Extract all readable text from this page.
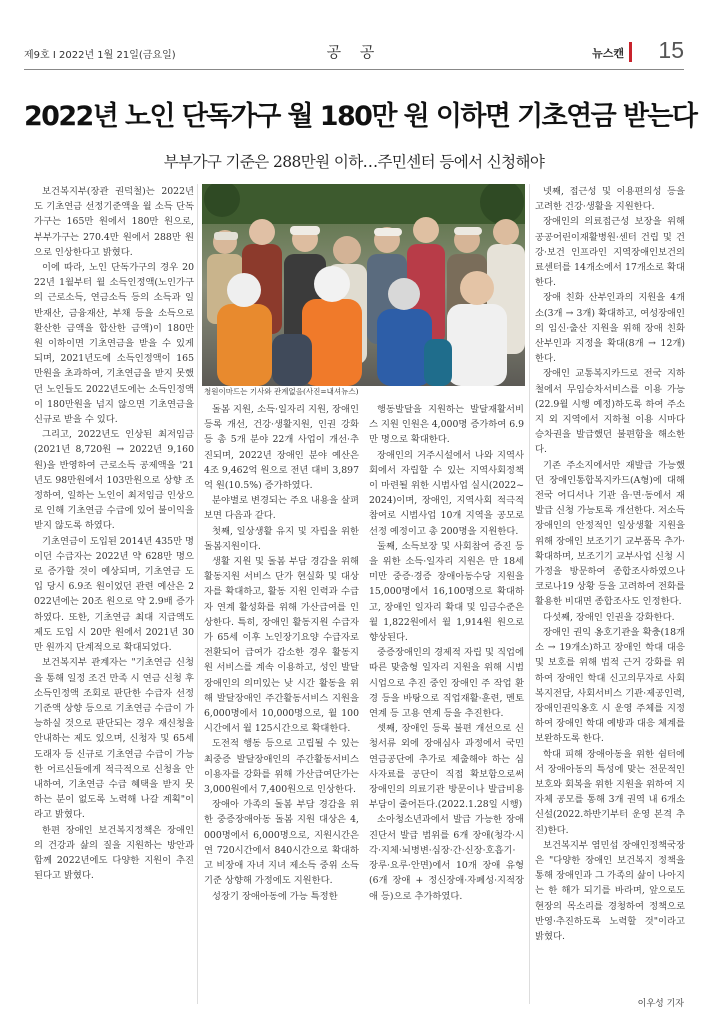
제9호 I 2022년 1월 21일(금요일)	공 공	뉴스캔 15
2022년 노인 단독가구 월 180만 원 이하면 기초연금 받는다
부부가구 기준은 288만원 이하…주민센터 등에서 신청해야

보건복지부(장관 권덕철)는 2022년도 기초연금 선정기준액을 월 소득 단독가구는 165만 원에서 180만 원으로, 부부가구는 270.4만 원에서 288만 원으로 인상한다고 밝혔다.

이에 따라, 노인 단독가구의 경우 2022년 1월부터 월 소득인정액(노인가구의 근로소득, 연금소득 등의 소득과 일반재산, 금융재산, 부채 등을 소득으로 환산한 금액을 합산한 금액)이 180만 원 이하이면 기초연금을 받을 수 있게 되며, 2021년도에 소득인정액이 165만원을 초과하여, 기초연금을 받지 못했던 노인들도 2022년도에는 소득인정액이 180만원을 넘지 않으면 기초연금을 신규로 받을 수 있다.

그리고, 2022년도 인상된 최저임금(2021년 8,720원 → 2022년 9,160원)을 반영하여 근로소득 공제액을 '21년도 98만원에서 103만원으로 상향 조정하여, 일하는 노인이 최저임금 인상으로 인해 기초연금 수급에 있어 불이익을 받지 않도록 하였다.

기초연금이 도입된 2014년 435만 명이던 수급자는 2022년 약 628만 명으로 증가할 것이 예상되며, 기초연금 도입 당시 6.9조 원이었던 관련 예산은 2022년에는 20조 원으로 약 2.9배 증가하였다. 또한, 기초연금 최대 지급액도 제도 도입 시 20만 원에서 2021년 30만 원까지 단계적으로 확대되었다.

보건복지부 관계자는 "기초연금 신청을 통해 일정 조건 만족 시 연금 신청 후 소득인정액 조회로 판단한 수급자 선정기준액 상향 등으로 기초연금 수급이 가능하실 것으로 판단되는 경우 재신청을 안내하는 제도 있으며, 신청자 및 65세 도래자 등 신규로 기초연금 수급이 가능한 어르신들에게 적극적으로 신청을 안내하여, 기초연금 수급 혜택을 받지 못하는 분이 없도록 노력해 나갈 계획"이라고 밝혔다.

한편 장애인 보건복지정책은 장애인의 건강과 삶의 질을 지원하는 방안과 함께 2022년에도 다양한 지원이 추진된다고 밝혔다.

청원이마드는 기사와 관계없음(사진=내셔뉴스)

돌봄 지원, 소득·일자리 지원, 장애인 등록 개선, 건강·생활지원, 인권 강화 등 총 5개 분야 22개 사업이 개선·추진되며, 2022년 장애인 분야 예산은 4조 9,462억 원으로 전년 대비 3,897억 원(10.5%) 증가하였다.

분야별로 변경되는 주요 내용을 살펴보면 다음과 같다.

첫째, 일상생활 유지 및 자립을 위한 돌봄지원이다.

생활 지원 및 돌봄 부담 경감을 위해 활동지원 서비스 단가 현실화 및 대상자를 확대하고, 활동 지원 인력과 수급자 연계 활성화를 위해 가산급여를 인상한다. 특히, 장애인 활동지원 수급자가 65세 이후 노인장기요양 수급자로 전환되어 급여가 감소한 경우 활동지원 서비스를 계속 이용하고, 성인 발달장애인의 의미있는 낮 시간 활동을 위해 발달장애인 주간활동서비스 지원을 6,000명에서 10,000명으로, 월 100시간에서 월 125시간으로 확대한다.

도전적 행동 등으로 고립될 수 있는 최중증 발달장애인의 주간활동서비스 이용자를 강화를 위해 가산급여단가는 3,000원에서 7,400원으로 인상한다.

장애아 가족의 돌봄 부담 경감을 위한 중증장애아동 돌봄 지원 대상은 4,000명에서 6,000명으로, 지원시간은 연 720시간에서 840시간으로 확대하고 비장애 자녀 지녀 제소득 중위 소득 기준 상향해 가정에도 지원한다.

성장기 장애아동에 가능 특정한

행동발달을 지원하는 발달재활서비스 지원 인원은 4,000명 증가하여 6.9만 명으로 확대한다.

장애인의 거주시설에서 나와 지역사회에서 자립할 수 있는 지역사회정책이 마련될 위한 시범사업 실시(2022~2024)이며, 장애인, 지역사회 적극적 참여로 시범사업 10개 지역을 공모로 선정 예정이고 총 200명을 지원한다.

둘째, 소득보장 및 사회참여 증진 등을 위한 소득·일자리 지원은 만 18세 미만 중증·경증 장애아동수당 지원을 15,000명에서 16,100명으로 확대하고, 장애인 일자리 확대 및 임금수준은 월 1,822원에서 월 1,914원 원으로 향상된다.

중증장애인의 경제적 자립 및 직업에 따른 맞춤형 일자리 지원을 위해 시범시업으로 추진 중인 장애인 주 작업 환경 등을 바탕으로 직업재활·훈련, 멘토 연계 등 고용 연계 등을 추진한다.

셋째, 장애인 등록 불편 개선으로 신청서류 외에 장애심사 과정에서 국민연금공단에 추가로 제출해야 하는 심사자료를 공단이 직접 확보함으로써 장애인의 의료기관 방문이나 발급비용 부담이 줄어든다.(2022.1.28일 시행)

소아청소년과에서 발급 가능한 장애진단서 발급 범위를 6개 장애(청각·시각·지체·뇌병변·심장·간·신장·호흡기·장루·요루·안면)에서 10개 장애 유형(6개 장애 + 정신장애·자폐성·지적장애 등)으로 추가하였다.

넷째, 접근성 및 이용편의성 등을 고려한 건강·생활을 지원한다.

장애인의 의료접근성 보장을 위해 공공어린이재활병원·센터 건립 및 건강·보건 인프라인 지역장애인보건의료센터를 14개소에서 17개소로 확대한다.

장애 친화 산부인과의 지원을 4개소(3개 → 3개) 확대하고, 여성장애인의 임신·출산 지원을 위해 장애 친화 산부인과 지정을 확대(8개 → 12개) 한다.

장애인 교통복지카드로 전국 지하철에서 무임승차서비스를 이용 가능(22.9월 시행 예정)하도록 하여 주소지 외 지역에서 지하철 이용 시마다 승차권을 발급했던 불편함을 해소한다.

기존 주소지에서만 재발급 가능했던 장애인통합복지카드(A형)에 대해 전국 어디서나 기관 읍·면·동에서 재발급 신청 가능토록 개선한다. 저소득 장애인의 안정적인 일상생활 지원을 위해 장애인 보조기기 교부품목 추가·확대하며, 보조기기 교부사업 신청 시 가정을 방문하여 종합조사하였으나 코로나19 상황 등을 고려하여 전화를 활용한 비대면 종합조사도 인정한다.

다섯째, 장애인 인권을 강화한다.

장애인 권익 옹호기관을 확충(18개소 → 19개소)하고 장애인 학대 대응 및 보호를 위해 법적 근거 강화를 위하여 장애인 학대 신고의무자로 사회복지전담, 사회서비스 기관·제공인력, 장애인권익옹호 시 운영 주체를 지정하여 장애인 학대 예방과 대응 체계를 보완하도록 한다.

학대 피해 장애아동을 위한 쉼터에서 장애아동의 특성에 맞는 전문적인 보호와 회복을 위한 지원을 위하여 지자체 공모를 통해 3개 권역 내 6개소 신설(2022.하반기부터 운영 본격 추진)한다.

보건복지부 염민섭 장애인정책국장은 "다양한 장애인 보건복지 정책을 통해 장애인과 그 가족의 삶이 나아지는 한 해가 되기를 바라며, 앞으로도 현장의 목소리를 경청하여 정책으로 반영·추진하도록 노력할 것"이라고 밝혔다.

이우성 기자
